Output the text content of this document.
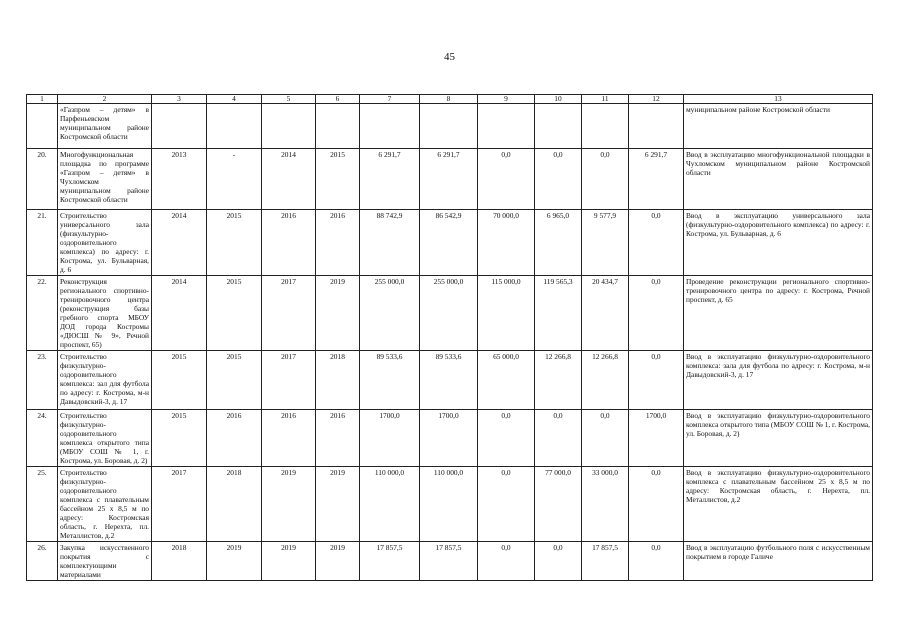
45
1	2	3	4	5	6	7	8	9	10	11	12	13
	«Газпром – детям» в Парфеньевском муниципальном районе Костромской области											муниципальном районе Костромской области
20.	Многофункциональная площадка по программе «Газпром – детям» в Чухломском муниципальном районе Костромской области	2013	-	2014	2015	6 291,7	6 291,7	0,0	0,0	0,0	6 291,7	Ввод в эксплуатацию многофункциональной площадки в Чухломском муниципальном районе Костромской области
21.	Строительство универсального зала (физкультурно-оздоровительного комплекса) по адресу: г. Кострома, ул. Бульварная, д. 6	2014	2015	2016	2016	88 742,9	86 542,9	70 000,0	6 965,0	9 577,9	0,0	Ввод в эксплуатацию универсального зала (физкультурно-оздоровительного комплекса) по адресу: г. Кострома, ул. Бульварная, д. 6
22.	Реконструкция регионального спортивно-тренировочного центра (реконструкция базы гребного спорта МБОУ ДОД города Костромы «ДЮСШ № 9», Речной проспект, 65)	2014	2015	2017	2019	255 000,0	255 000,0	115 000,0	119 565,3	20 434,7	0,0	Проведение реконструкции регионального спортивно-тренировочного центра по адресу: г. Кострома, Речной проспект, д. 65
23.	Строительство физкультурно-оздоровительного комплекса: зал для футбола по адресу: г. Кострома, м-н Давыдовский-3, д. 17	2015	2015	2017	2018	89 533,6	89 533,6	65 000,0	12 266,8	12 266,8	0,0	Ввод в эксплуатацию физкультурно-оздоровительного комплекса: зала для футбола по адресу: г. Кострома, м-н Давыдовский-3, д. 17
24.	Строительство физкультурно-оздоровительного комплекса открытого типа (МБОУ СОШ № 1, г. Кострома, ул. Боровая, д. 2)	2015	2016	2016	2016	1700,0	1700,0	0,0	0,0	0,0	1700,0	Ввод в эксплуатацию физкультурно-оздоровительного комплекса открытого типа (МБОУ СОШ № 1, г. Кострома, ул. Боровая, д. 2)
25.	Строительство физкультурно-оздоровительного комплекса с плавательным бассейном 25 х 8,5 м по адресу: Костромская область, г. Нерехта, пл. Металлистов, д.2	2017	2018	2019	2019	110 000,0	110 000,0	0,0	77 000,0	33 000,0	0,0	Ввод в эксплуатацию физкультурно-оздоровительного комплекса с плавательным бассейном 25 х 8,5 м по адресу: Костромская область, г. Нерехта, пл. Металлистов, д.2
26.	Закупка искусственного покрытия с комплектующими материалами	2018	2019	2019	2019	17 857,5	17 857,5	0,0	0,0	17 857,5	0,0	Ввод в эксплуатацию футбольного поля с искусственным покрытием в городе Галиче
